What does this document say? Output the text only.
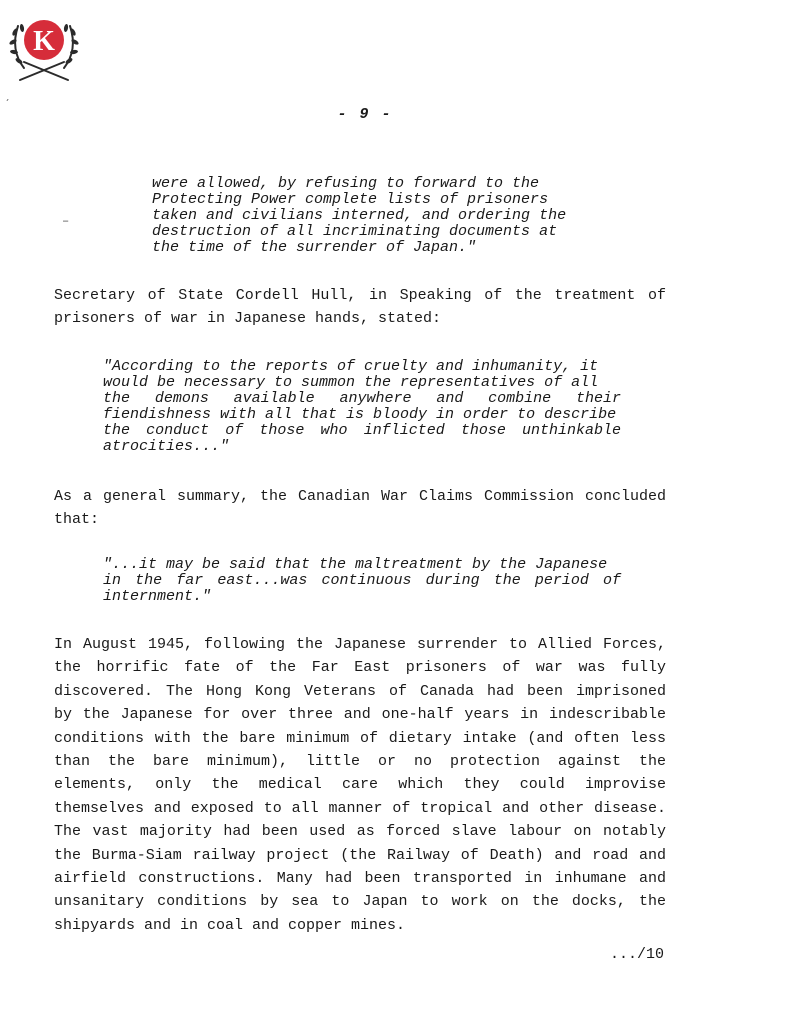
K
ˊ
–
- 9 -
were allowed, by refusing to forward to the
Protecting Power complete lists of prisoners
taken and civilians interned, and ordering the
destruction of all incriminating documents at
the time of the surrender of Japan."
Secretary of State Cordell Hull, in Speaking of the treatment of
prisoners of war in Japanese hands, stated:
"According to the reports of cruelty and inhumanity, it
would be necessary to summon the representatives of all
the demons available anywhere and combine their
fiendishness with all that is bloody in order to describe
the conduct of those who inflicted those unthinkable
atrocities..."
As a general summary, the Canadian War Claims Commission concluded
that:
"...it may be said that the maltreatment by the Japanese
in the far east...was continuous during the period of
internment."
In August 1945, following the Japanese surrender to Allied Forces,
the horrific fate of the Far East prisoners of war was fully
discovered. The Hong Kong Veterans of Canada had been imprisoned
by the Japanese for over three and one-half years in indescribable
conditions with the bare minimum of dietary intake (and often less
than the bare minimum), little or no protection against the
elements, only the medical care which they could improvise
themselves and exposed to all manner of tropical and other disease.
The vast majority had been used as forced slave labour on notably
the Burma-Siam railway project (the Railway of Death) and road and
airfield constructions. Many had been transported in inhumane and
unsanitary conditions by sea to Japan to work on the docks, the
shipyards and in coal and copper mines.
.../10
